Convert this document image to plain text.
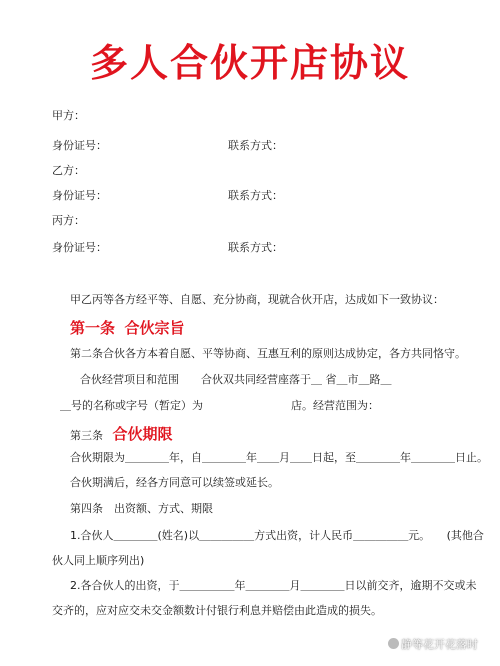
多人合伙开店协议
甲方：
身份证号：	联系方式：
乙方：
身份证号：	联系方式：
丙方：
身份证号：	联系方式：
甲乙丙等各方经平等、自愿、充分协商，现就合伙开店，达成如下一致协议：
第一条 合伙宗旨
第二条合伙各方本着自愿、平等协商、互惠互利的原则达成协定，各方共同恪守。
合伙经营项目和范围　　合伙双共同经营座落于＿ 省＿市＿路＿
＿号的名称或字号（暂定）为　　　　　　　　店。经营范围为：
第三条 合伙期限
合伙期限为＿＿＿＿年，自＿＿＿＿年＿＿月＿＿日起，至＿＿＿＿年＿＿＿＿日止。
合伙期满后，经各方同意可以续签或延长。
第四条　出资额、方式、期限
1.合伙人＿＿＿＿(姓名)以＿＿＿＿＿方式出资，计人民币＿＿＿＿＿元。　　(其他合
伙人同上顺序列出)
2.各合伙人的出资，于＿＿＿＿＿年＿＿＿＿月＿＿＿＿日以前交齐，逾期不交或未
交齐的，应对应交未交金额数计付银行利息并赔偿由此造成的损失。
静等花开花落时
